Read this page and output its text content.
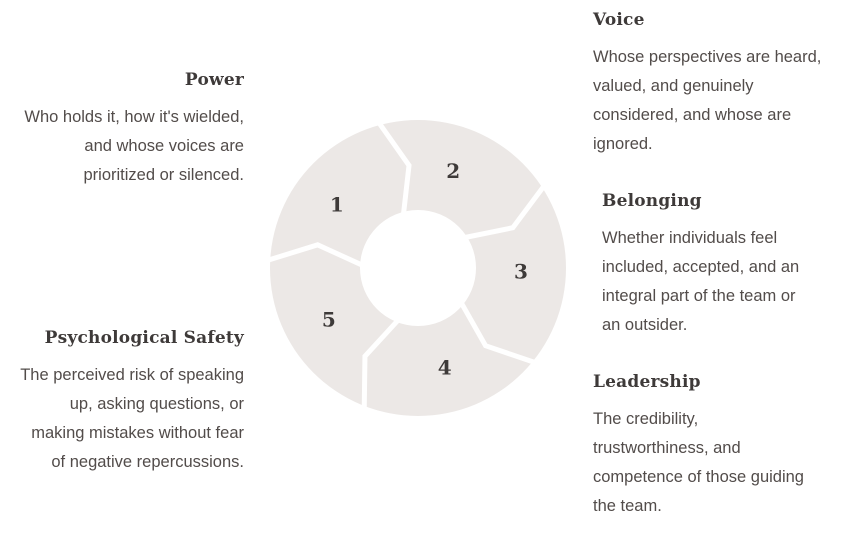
Power

Who holds it, how it's wielded,
and whose voices are
prioritized or silenced.

Voice

Whose perspectives are heard,
valued, and genuinely
considered, and whose are
ignored.

Belonging

Whether individuals feel
included, accepted, and an
integral part of the team or
an outsider.

Leadership

The credibility,
trustworthiness, and
competence of those guiding
the team.

Psychological Safety

The perceived risk of speaking
up, asking questions, or
making mistakes without fear
of negative repercussions.

1
2
3
4
5
